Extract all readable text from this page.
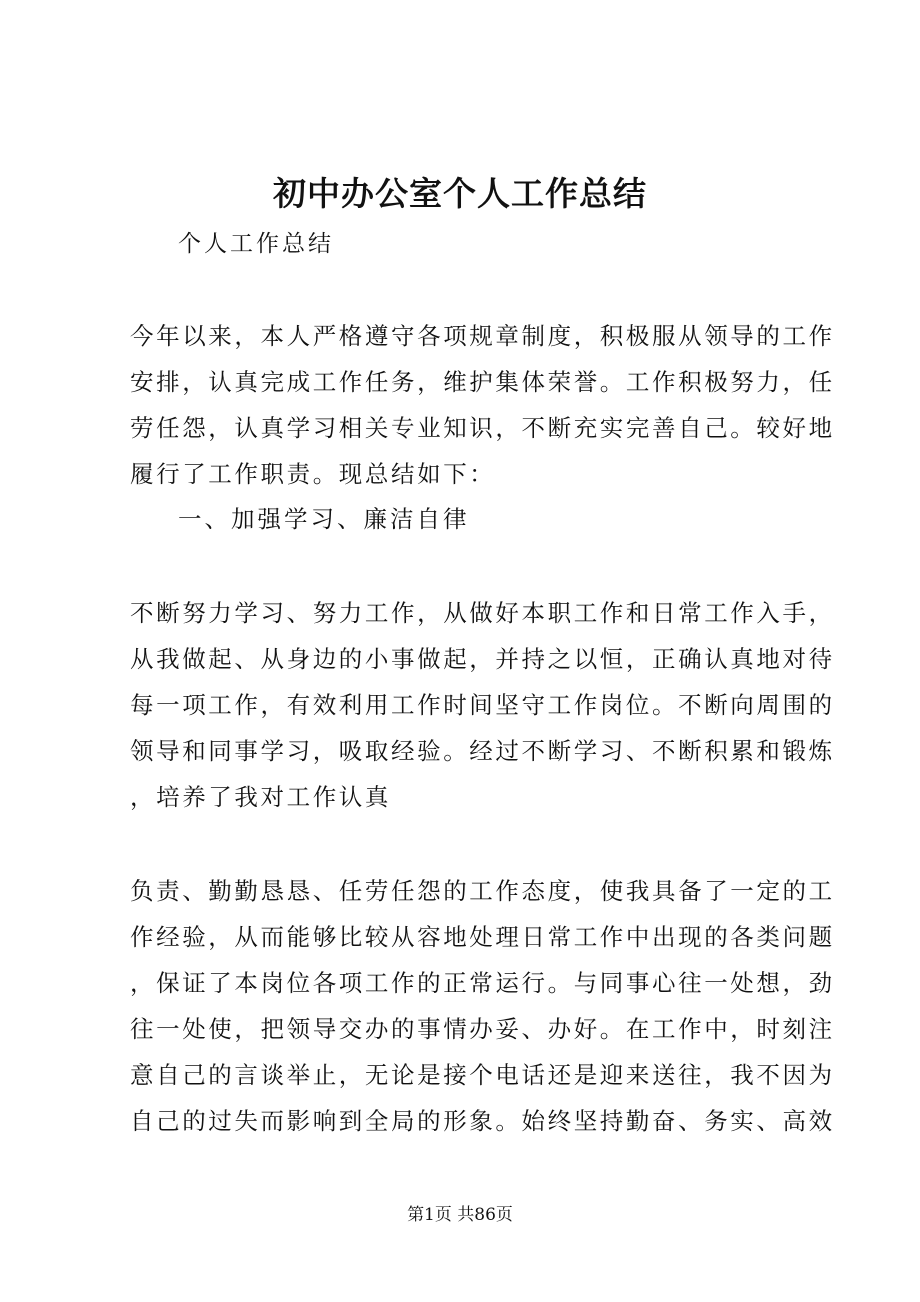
初中办公室个人工作总结
个人工作总结
今年以来，本人严格遵守各项规章制度，积极服从领导的工作
安排，认真完成工作任务，维护集体荣誉。工作积极努力，任
劳任怨，认真学习相关专业知识，不断充实完善自己。较好地
履行了工作职责。现总结如下：
一、加强学习、廉洁自律
不断努力学习、努力工作，从做好本职工作和日常工作入手，
从我做起、从身边的小事做起，并持之以恒，正确认真地对待
每一项工作，有效利用工作时间坚守工作岗位。不断向周围的
领导和同事学习，吸取经验。经过不断学习、不断积累和锻炼
，培养了我对工作认真
负责、勤勤恳恳、任劳任怨的工作态度，使我具备了一定的工
作经验，从而能够比较从容地处理日常工作中出现的各类问题
，保证了本岗位各项工作的正常运行。与同事心往一处想，劲
往一处使，把领导交办的事情办妥、办好。在工作中，时刻注
意自己的言谈举止，无论是接个电话还是迎来送往，我不因为
自己的过失而影响到全局的形象。始终坚持勤奋、务实、高效
第1页 共86页
